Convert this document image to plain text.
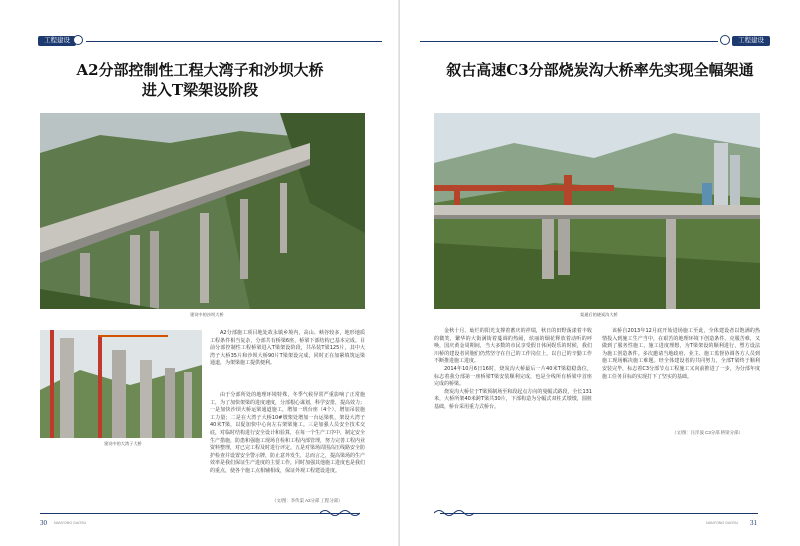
工程建设
A2分部控制性工程大湾子和沙坝大桥
进入T梁架设阶段
建设中的沙坝大桥
建设中的大湾子大桥

A2分部施工项目地处故永镇乡境内，高山、峡谷较多，地形地质工程条件相当复杂，分部共有桥梁6座，桥梁下部结构已基本完成。目前分部控制性工程桥梁进入T梁架设阶段，共吊装T梁125片，其中大湾子大桥35片和沙坝大桥90片T梁架设完成，同时正在加紧填筑运梁通道，为架梁施工提供便利。

由于分部所处的地理环境特殊，冬季气候异常严重影响了正常施工，为了加快架梁的进度速度，分部根心谋划，科学安排，提高效力；一是加快沙坝大桥运梁通道施工，增加一班台座（4个），增加吊装施工力量；二是在大湾子大桥10#墩架处增加一台运梁机，架设大湾子40米T梁，以促加快中心向左右架梁施工。三是加强人员安全技术交底，对临时结构进行安全设计和验算，在每一个生产工序中，制定安全生产措施，防患和强施工现场自检和工程内部管理，努力完善工程内业资料整理，对已完工程及时进行评定。五是对梁场周围高压线路安全防护检查并设置安全警示牌，防止意外发生，总而言之，提高梁场的生产效率是我们保证生产进度的主要工作，同时加强其他施工进度也是我们的重点，使各个施工点相辅相成，保证外观工程建设进度。

（文/图：李传渠 A2分部 工程分部）
30 NANYONG GAOSU
工程建设
叙古高速C3分部烧炭沟大桥率先实现全幅架通
架通后的烧炭沟大桥

金秋十月，灿烂的阳光支撑着蓄庆的祥瑞，秋日的田野荡漾着丰收的微笑，繁华的大街满街着蔓调的热闹，炫丽的烟花释放着动听的呼唤，国庆黄金周期间，当大多数的市民享受假日休闲娱乐的时候，我们川桥的建设者同胞们仍然坚守在自己的工作岗位上，以自己的辛勤工作不断推进施工进度。

2014年10月6日16时，烧炭沟大桥最后一片40米T梁稳稳落位，标志着我分部第一座桥梁T梁安装顺利完成，也是全线所有桥梁中首座完成的桥梁。

烧炭沟大桥位于T梁预制场至和段起点方向的曼幅式路段，全长131米，大桥所架40米跨T梁共30片，下部构造为分幅式双柱式墩墩，圆桩基础，桥台采用重力式桥台。

该桥自2013年12月底开始进场施工至此，全体建设者以饱满的热情投入到施工生产当中，在艰苦的地理环境下创造条件、克服苦难，又做到了服务性施工，施工进度理想，为T梁架设的顺利进行，塑方设法为施工创造条件。多次邀请当地政府、业主、施工监督协调各方人员到施工现场解决施工难题。经全体建设者的共同努力，全部T梁终于顺利安装完毕，标志着C3分部节点工程施工又向前推进了一步，为分部年度施工任务目标的实现打下了坚实的基础。

（文/图：汪洋波 C3分部 桥梁分部）
NANYONG GAOSU 31
